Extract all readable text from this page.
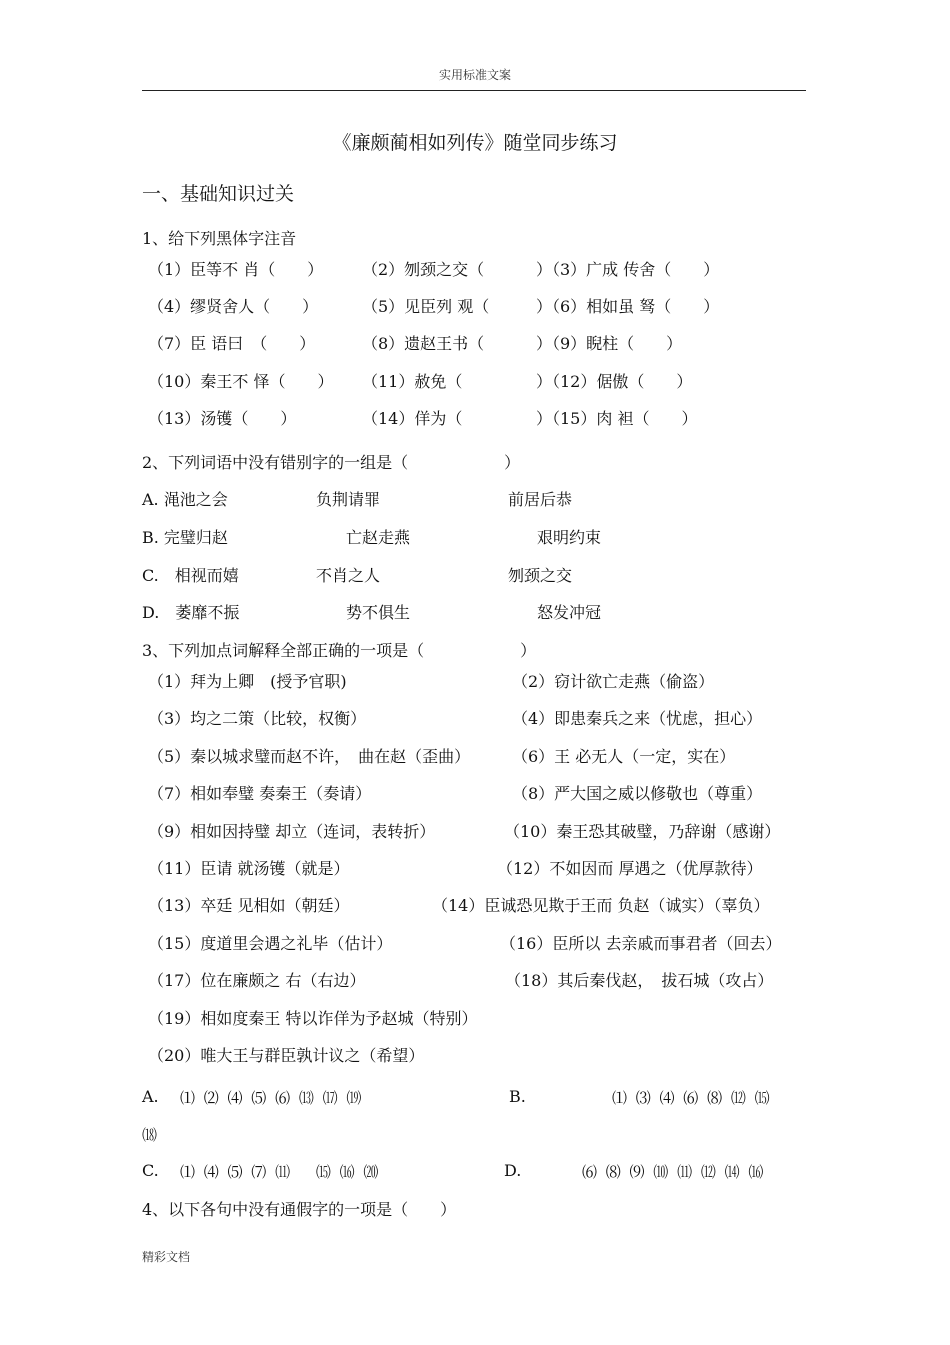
实用标准文案
《廉颇蔺相如列传》随堂同步练习
一、基础知识过关
1、给下列黑体字注音
（1）臣等不 肖（　　） （2）刎颈之交（　　 ）（3）广成 传舍（　　）
（4）缪贤舍人（　　）	（5）见臣列 观（　　 ）（6）相如虽 驽（　　）
（7）臣 语曰　（　　）	（8）遗赵王书（　　 ）（9）睨柱（　　）
（10）秦王不 怿（　　） （11）赦免（　　　 ）（12）倨傲（　　）
（13）汤镬（　　）	（14）佯为（　　　 ）（15）肉 袒（　　）
2、下列词语中没有错别字的一组是（　　　　　　）
A. 渑池之会	负荆请罪	前居后恭
B. 完璧归赵	亡赵走燕	艰明约束
C.　相视而嬉	不肖之人	刎颈之交
D.　萎靡不振	势不俱生	怒发冲冠
3、下列加点词解释全部正确的一项是（　　　　　　）
（1）拜为上卿　(授予官职)	（2）窃计欲亡走燕（偷盗）
（3）均之二策（比较，权衡）	（4）即患秦兵之来（忧虑，担心）
（5）秦以城求璧而赵不许，　曲在赵（歪曲）	（6）王 必无人（一定，实在）
（7）相如奉璧 奏秦王（奏请）	（8）严大国之威以修敬也（尊重）
（9）相如因持璧 却立（连词，表转折）	（10）秦王恐其破璧，乃辞谢（感谢）
（11）臣请 就汤镬（就是）	（12）不如因而 厚遇之（优厚款待）
（13）卒廷 见相如（朝廷）	（14）臣诚恐见欺于王而 负赵（诚实）（辜负）
（15）度道里会遇之礼毕（估计）	（16）臣所以 去亲戚而事君者（回去）
（17）位在廉颇之 右（右边）	（18）其后秦伐赵，　拔石城（攻占）
（19）相如度秦王 特以诈佯为予赵城（特别）
（20）唯大王与群臣孰计议之（希望）
A. ⑴ ⑵ ⑷ ⑸ ⑹ ⒀ ⒄ ⒆	B.	⑴ ⑶ ⑷ ⑹ ⑻ ⑿ ⒂
⒅
C. ⑴ ⑷ ⑸ ⑺ ⑾　 ⒂ ⒃ ⒇	D.	⑹ ⑻ ⑼ ⑽ ⑾ ⑿ ⒁ ⒃
4、以下各句中没有通假字的一项是（　　）
精彩文档
